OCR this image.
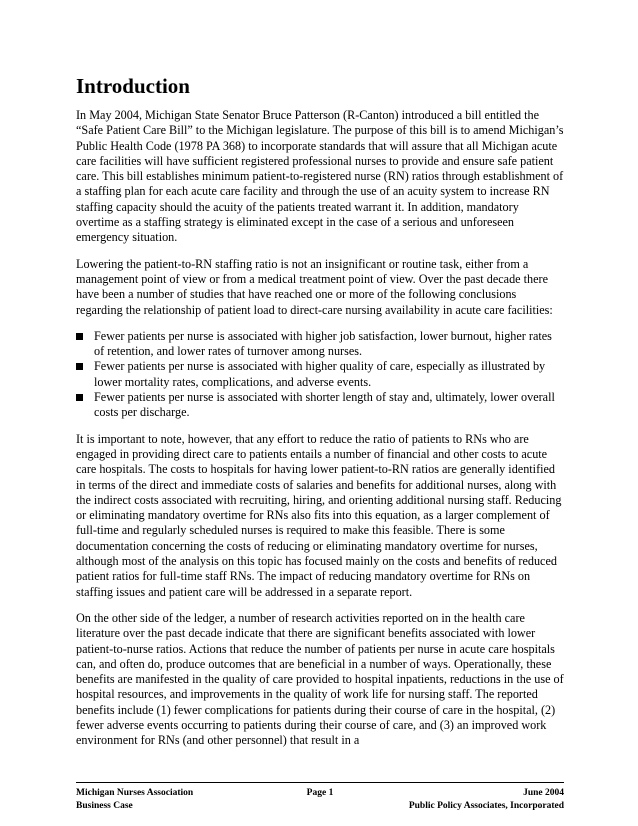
Introduction

In May 2004, Michigan State Senator Bruce Patterson (R-Canton) introduced a bill entitled the “Safe Patient Care Bill” to the Michigan legislature. The purpose of this bill is to amend Michigan’s Public Health Code (1978 PA 368) to incorporate standards that will assure that all Michigan acute care facilities will have sufficient registered professional nurses to provide and ensure safe patient care. This bill establishes minimum patient-to-registered nurse (RN) ratios through establishment of a staffing plan for each acute care facility and through the use of an acuity system to increase RN staffing capacity should the acuity of the patients treated warrant it. In addition, mandatory overtime as a staffing strategy is eliminated except in the case of a serious and unforeseen emergency situation.

Lowering the patient-to-RN staffing ratio is not an insignificant or routine task, either from a management point of view or from a medical treatment point of view. Over the past decade there have been a number of studies that have reached one or more of the following conclusions regarding the relationship of patient load to direct-care nursing availability in acute care facilities:

Fewer patients per nurse is associated with higher job satisfaction, lower burnout, higher rates of retention, and lower rates of turnover among nurses.
Fewer patients per nurse is associated with higher quality of care, especially as illustrated by lower mortality rates, complications, and adverse events.
Fewer patients per nurse is associated with shorter length of stay and, ultimately, lower overall costs per discharge.

It is important to note, however, that any effort to reduce the ratio of patients to RNs who are engaged in providing direct care to patients entails a number of financial and other costs to acute care hospitals. The costs to hospitals for having lower patient-to-RN ratios are generally identified in terms of the direct and immediate costs of salaries and benefits for additional nurses, along with the indirect costs associated with recruiting, hiring, and orienting additional nursing staff. Reducing or eliminating mandatory overtime for RNs also fits into this equation, as a larger complement of full-time and regularly scheduled nurses is required to make this feasible. There is some documentation concerning the costs of reducing or eliminating mandatory overtime for nurses, although most of the analysis on this topic has focused mainly on the costs and benefits of reduced patient ratios for full-time staff RNs. The impact of reducing mandatory overtime for RNs on staffing issues and patient care will be addressed in a separate report.

On the other side of the ledger, a number of research activities reported on in the health care literature over the past decade indicate that there are significant benefits associated with lower patient-to-nurse ratios. Actions that reduce the number of patients per nurse in acute care hospitals can, and often do, produce outcomes that are beneficial in a number of ways. Operationally, these benefits are manifested in the quality of care provided to hospital inpatients, reductions in the use of hospital resources, and improvements in the quality of work life for nursing staff. The reported benefits include (1) fewer complications for patients during their course of care in the hospital, (2) fewer adverse events occurring to patients during their course of care, and (3) an improved work environment for RNs (and other personnel) that result in a

Michigan Nurses Association	Page 1	June 2004
Business Case	Public Policy Associates, Incorporated
